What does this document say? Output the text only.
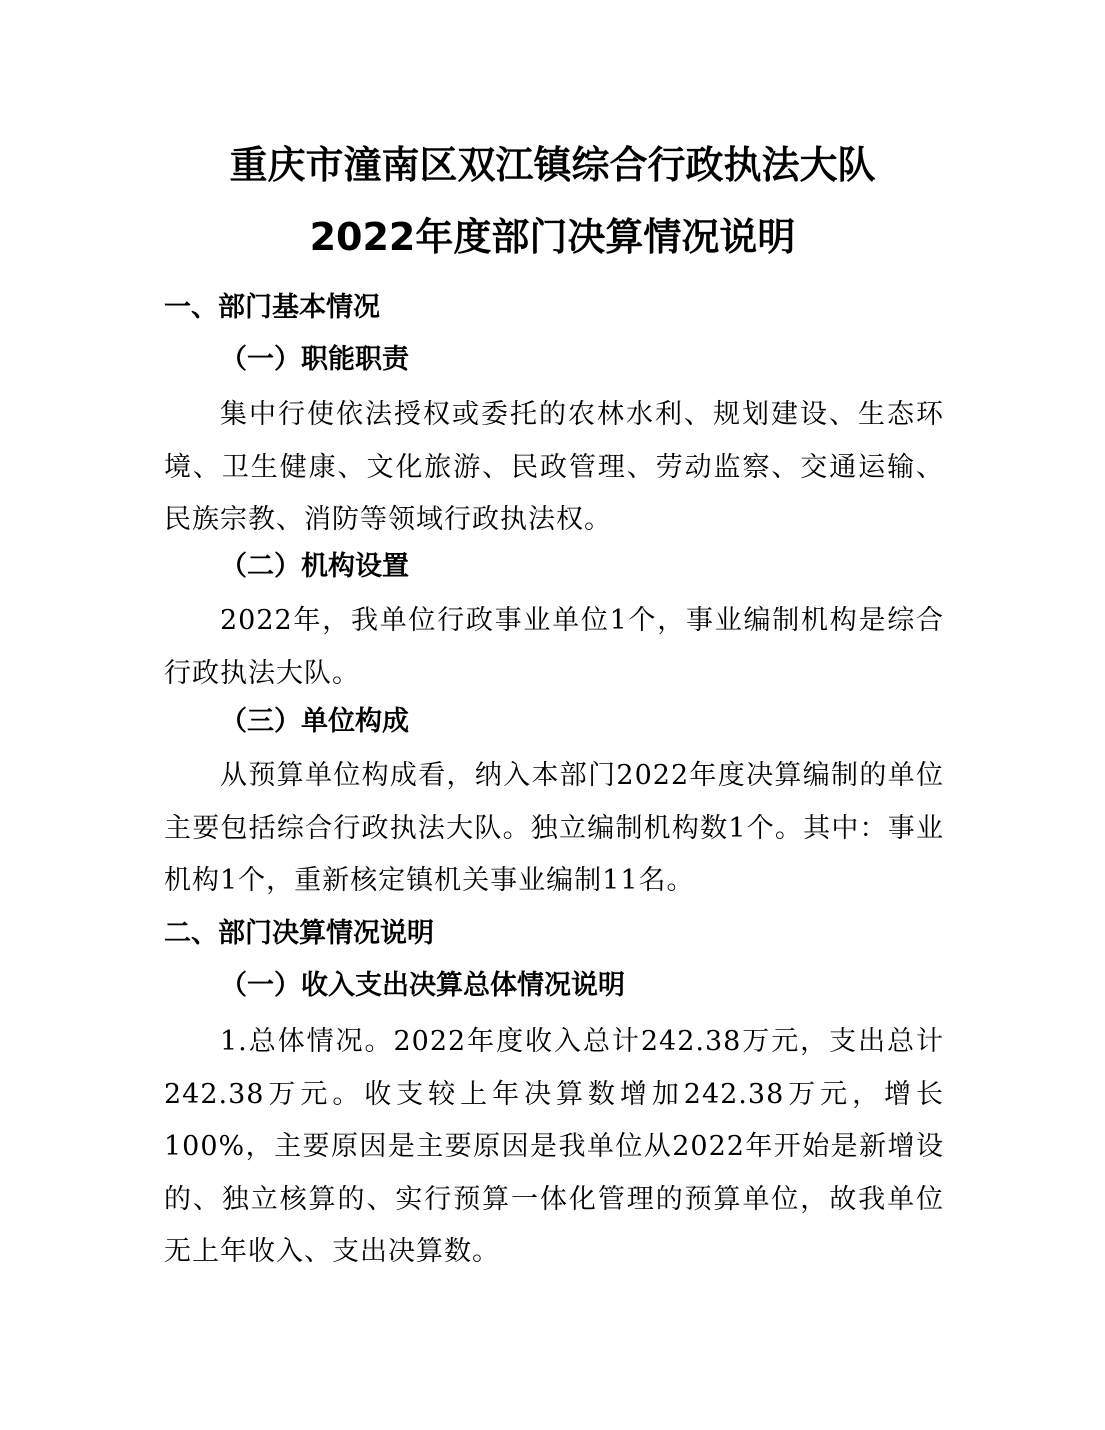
重庆市潼南区双江镇综合行政执法大队
2022年度部门决算情况说明
一、部门基本情况
（一）职能职责

集中行使依法授权或委托的农林水利、规划建设、生态环境、卫生健康、文化旅游、民政管理、劳动监察、交通运输、民族宗教、消防等领域行政执法权。

（二）机构设置

2022年，我单位行政事业单位1个，事业编制机构是综合行政执法大队。

（三）单位构成

从预算单位构成看，纳入本部门2022年度决算编制的单位主要包括综合行政执法大队。独立编制机构数1个。其中：事业机构1个，重新核定镇机关事业编制11名。

二、部门决算情况说明
（一）收入支出决算总体情况说明

1.总体情况。2022年度收入总计242.38万元，支出总计242.38万元。收支较上年决算数增加242.38万元，增长100%，主要原因是主要原因是我单位从2022年开始是新增设的、独立核算的、实行预算一体化管理的预算单位，故我单位无上年收入、支出决算数。
